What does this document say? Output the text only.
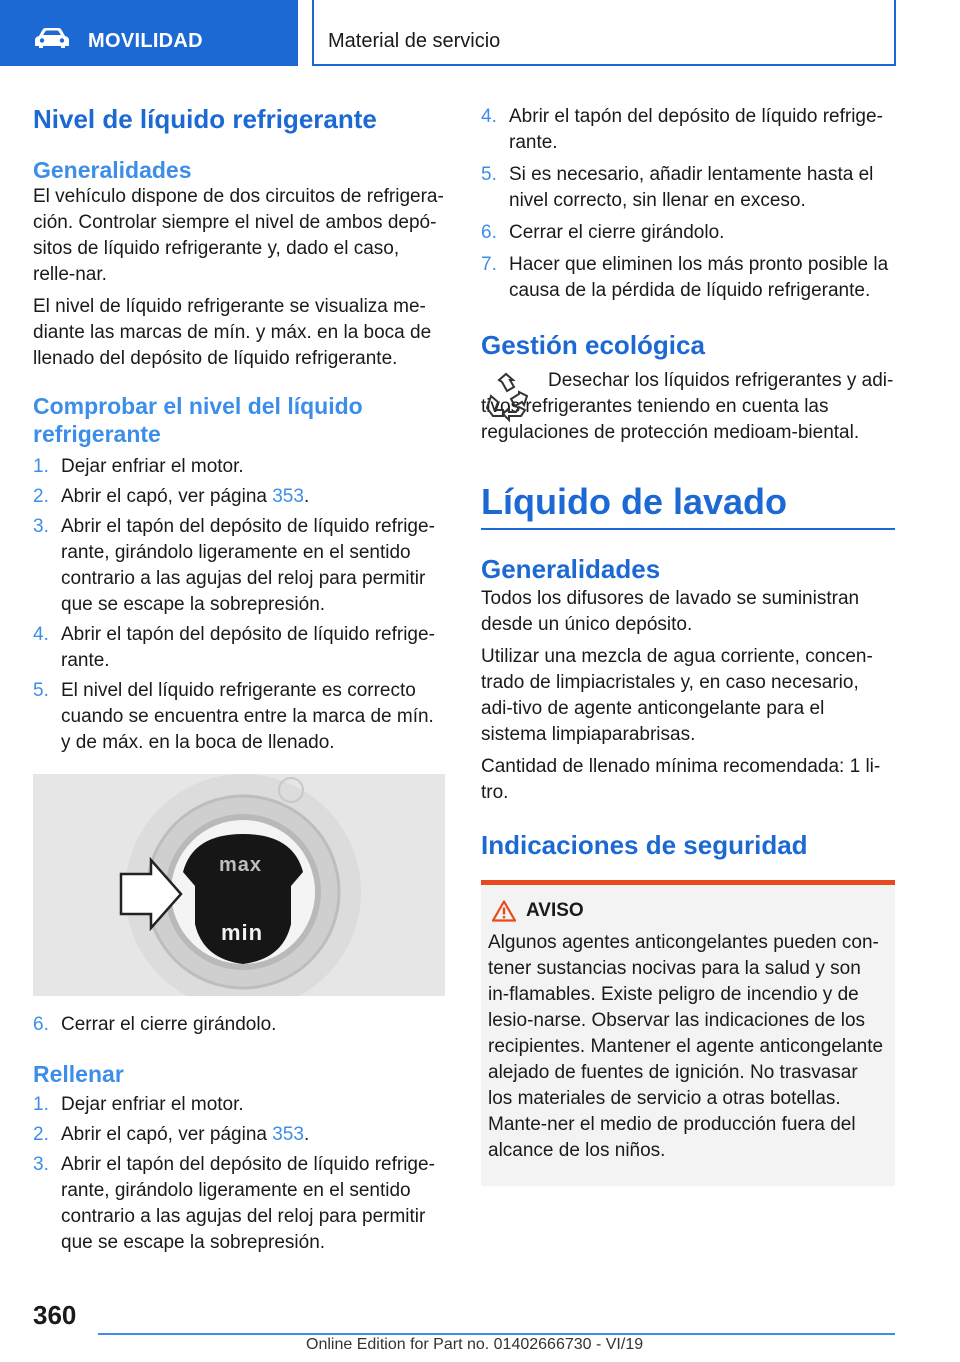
MOVILIDAD	Material de servicio
Nivel de líquido refrigerante
Generalidades

El vehículo dispone de dos circuitos de refrigera-ción. Controlar siempre el nivel de ambos depó-sitos de líquido refrigerante y, dado el caso, relle-nar.

El nivel de líquido refrigerante se visualiza me-diante las marcas de mín. y máx. en la boca de llenado del depósito de líquido refrigerante.

Comprobar el nivel del líquido refrigerante
1. Dejar enfriar el motor.
2. Abrir el capó, ver página 353.
3. Abrir el tapón del depósito de líquido refrige-rante, girándolo ligeramente en el sentido contrario a las agujas del reloj para permitir que se escape la sobrepresión.
4. Abrir el tapón del depósito de líquido refrige-rante.
5. El nivel del líquido refrigerante es correcto cuando se encuentra entre la marca de mín. y de máx. en la boca de llenado.
max
min
6. Cerrar el cierre girándolo.
Rellenar
1. Dejar enfriar el motor.
2. Abrir el capó, ver página 353.
3. Abrir el tapón del depósito de líquido refrige-rante, girándolo ligeramente en el sentido contrario a las agujas del reloj para permitir que se escape la sobrepresión.
4. Abrir el tapón del depósito de líquido refrige-rante.
5. Si es necesario, añadir lentamente hasta el nivel correcto, sin llenar en exceso.
6. Cerrar el cierre girándolo.
7. Hacer que eliminen los más pronto posible la causa de la pérdida de líquido refrigerante.
Gestión ecológica

Desechar los líquidos refrigerantes y adi-tivos refrigerantes teniendo en cuenta las regulaciones de protección medioam-biental.

Líquido de lavado
Generalidades

Todos los difusores de lavado se suministran desde un único depósito.

Utilizar una mezcla de agua corriente, concen-trado de limpiacristales y, en caso necesario, adi-tivo de agente anticongelante para el sistema limpiaparabrisas.

Cantidad de llenado mínima recomendada: 1 li-tro.

Indicaciones de seguridad
AVISO

Algunos agentes anticongelantes pueden con-tener sustancias nocivas para la salud y son in-flamables. Existe peligro de incendio y de lesio-narse. Observar las indicaciones de los recipientes. Mantener el agente anticongelante alejado de fuentes de ignición. No trasvasar los materiales de servicio a otras botellas. Mante-ner el medio de producción fuera del alcance de los niños.

360
Online Edition for Part no. 01402666730 - VI/19
